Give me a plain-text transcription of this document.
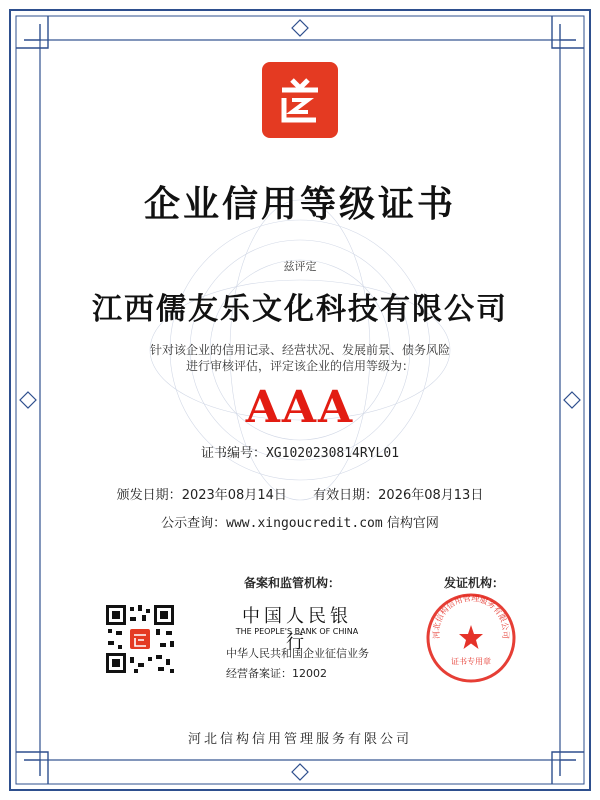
企业信用等级证书
兹评定
江西儒友乐文化科技有限公司
针对该企业的信用记录、经营状况、发展前景、债务风险
进行审核评估，评定该企业的信用等级为：
AAA
证书编号：XG1020230814RYL01
颁发日期：2023年08月14日 有效日期：2026年08月13日
公示查询：www.xingoucredit.com 信构官网
备案和监管机构：	发证机构：
中国人民银行
THE PEOPLE'S BANK OF CHINA
中华人民共和国企业征信业务
经营备案证：12002
河北信构信用管理服务有限公司
证书专用章
河北信构信用管理服务有限公司
